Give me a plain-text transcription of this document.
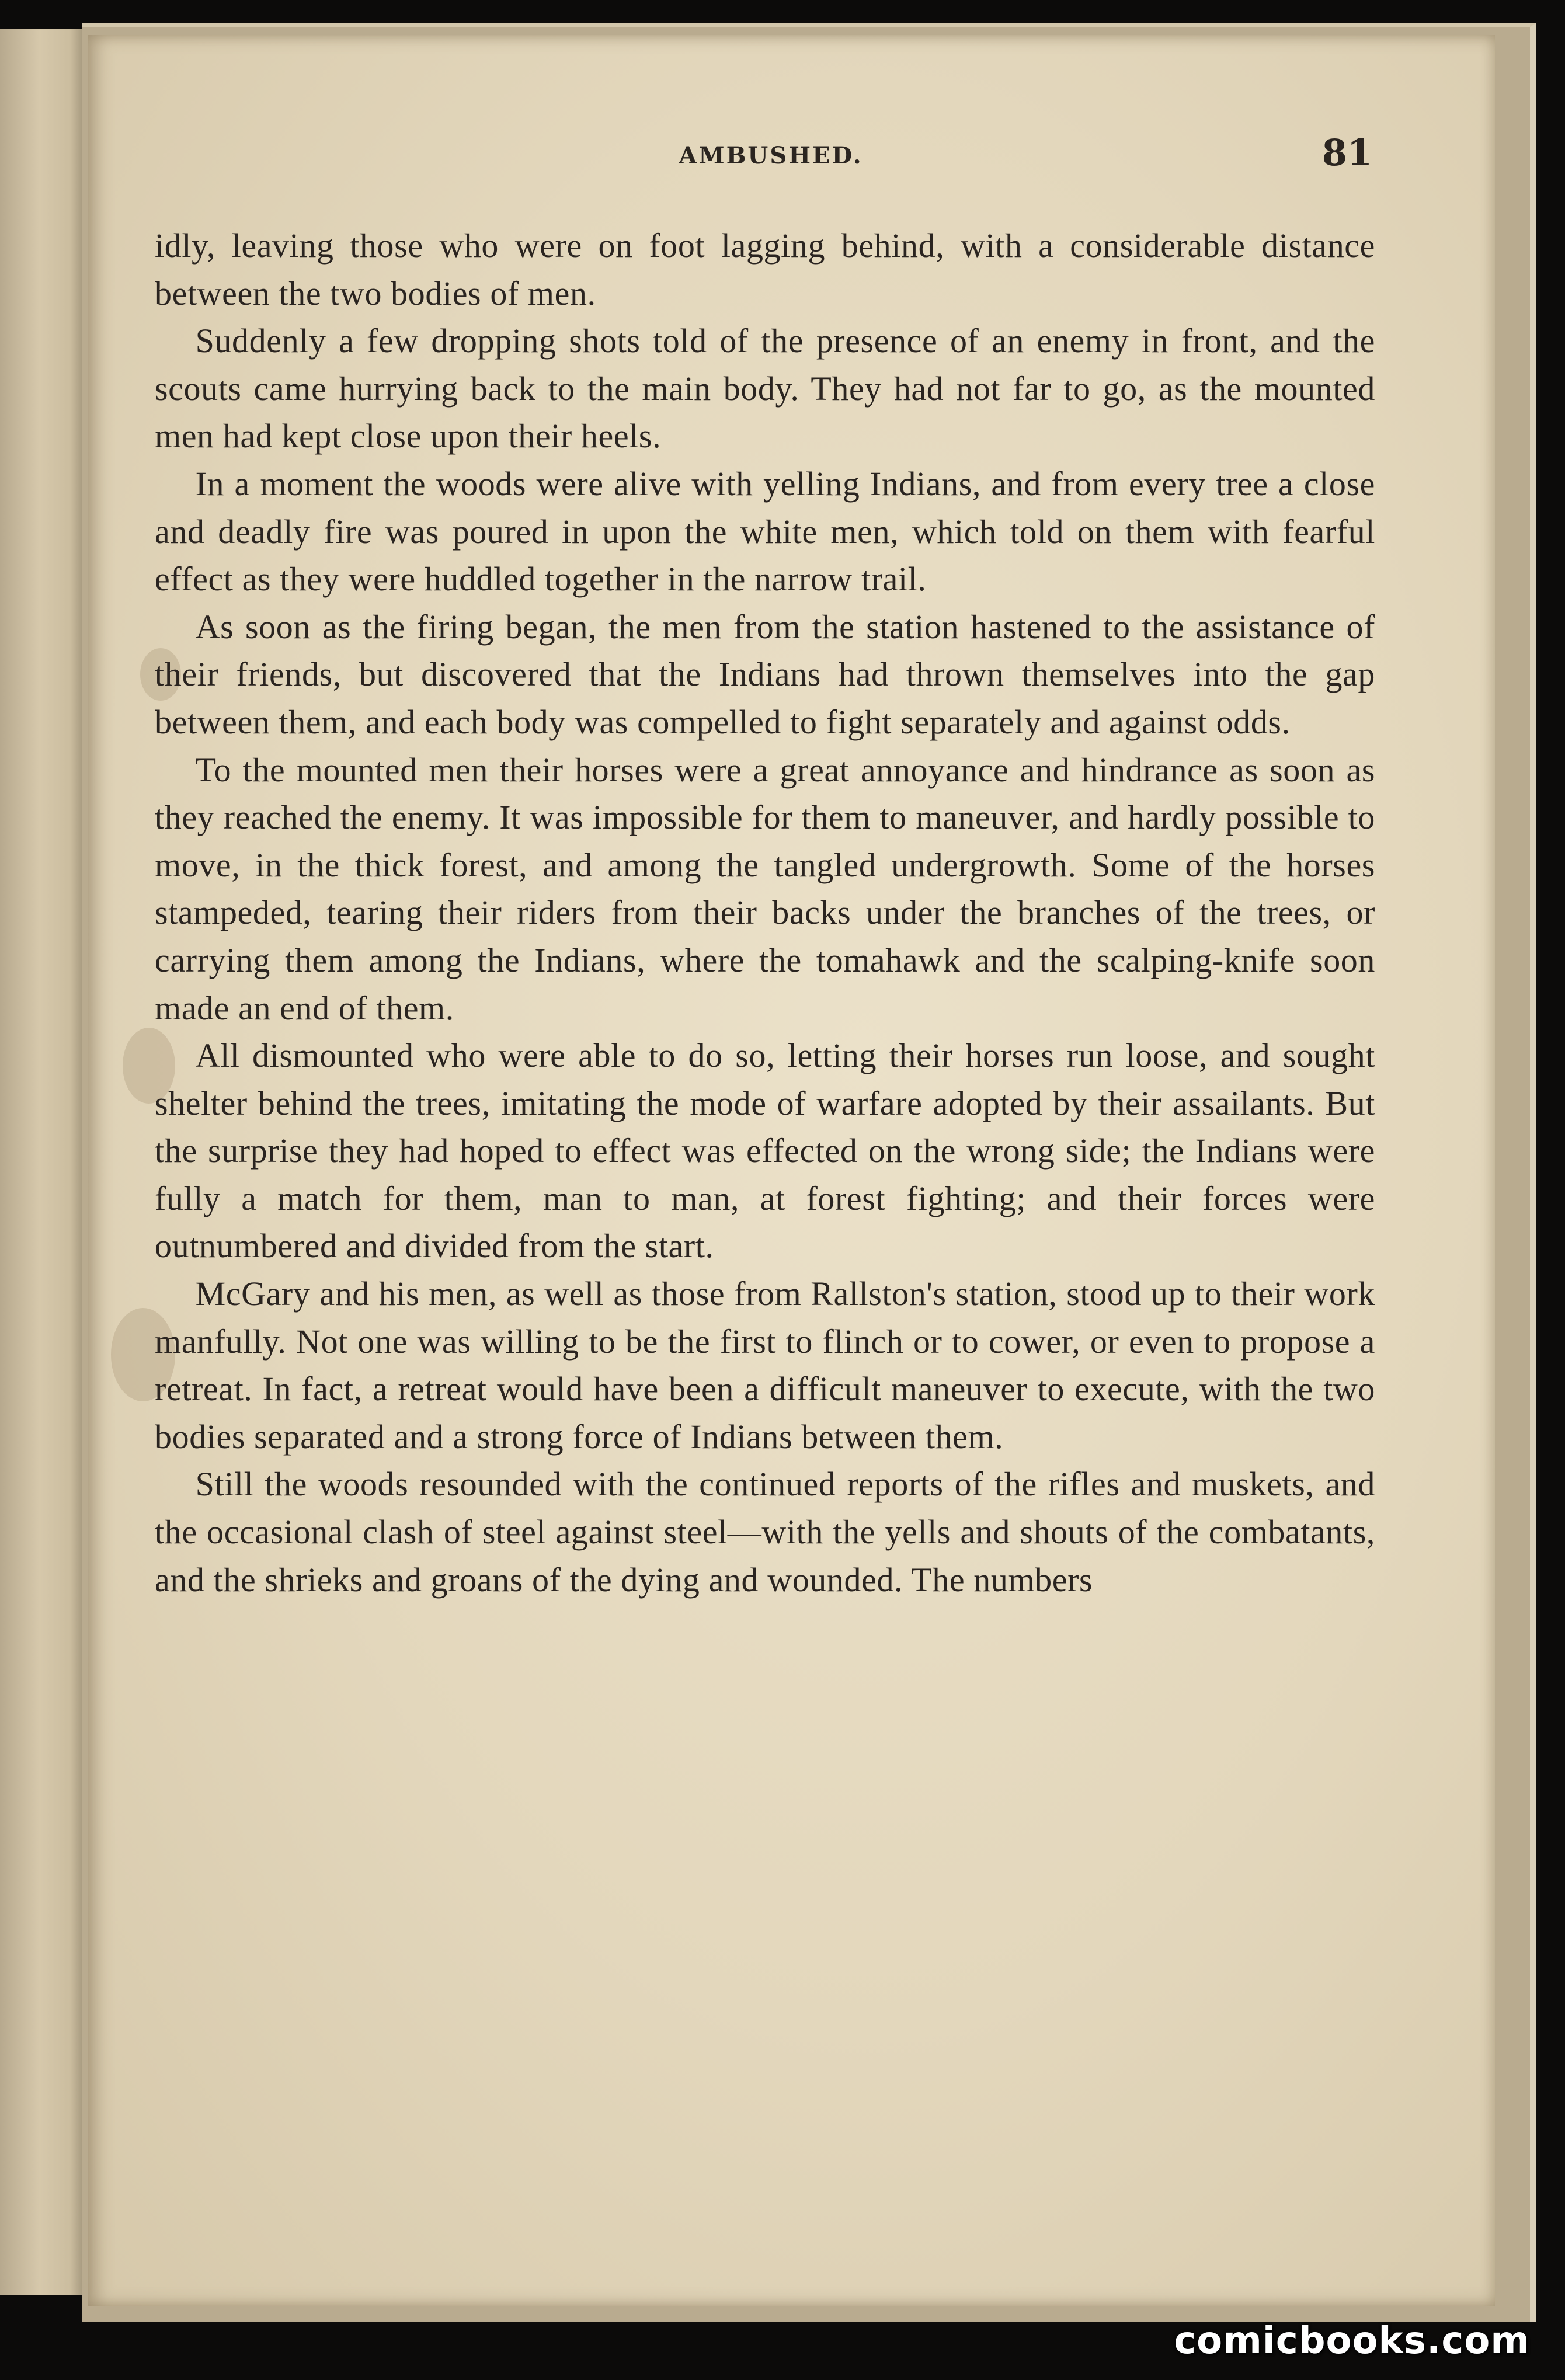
AMBUSHED.	81

idly, leaving those who were on foot lagging behind, with a considerable distance between the two bodies of men.

Suddenly a few dropping shots told of the presence of an enemy in front, and the scouts came hurrying back to the main body. They had not far to go, as the mounted men had kept close upon their heels.

In a moment the woods were alive with yelling Indians, and from every tree a close and deadly fire was poured in upon the white men, which told on them with fearful effect as they were huddled together in the narrow trail.

As soon as the firing began, the men from the station hastened to the assistance of their friends, but discovered that the Indians had thrown themselves into the gap between them, and each body was compelled to fight separately and against odds.

To the mounted men their horses were a great annoyance and hindrance as soon as they reached the enemy. It was impossible for them to maneuver, and hardly possible to move, in the thick forest, and among the tangled undergrowth. Some of the horses stampeded, tearing their riders from their backs under the branches of the trees, or carrying them among the Indians, where the tomahawk and the scalping-knife soon made an end of them.

All dismounted who were able to do so, letting their horses run loose, and sought shelter behind the trees, imitating the mode of warfare adopted by their assailants. But the surprise they had hoped to effect was effected on the wrong side; the Indians were fully a match for them, man to man, at forest fighting; and their forces were outnumbered and divided from the start.

McGary and his men, as well as those from Rallston's station, stood up to their work manfully. Not one was willing to be the first to flinch or to cower, or even to propose a retreat. In fact, a retreat would have been a difficult maneuver to execute, with the two bodies separated and a strong force of Indians between them.

Still the woods resounded with the continued reports of the rifles and muskets, and the occasional clash of steel against steel—with the yells and shouts of the combatants, and the shrieks and groans of the dying and wounded. The numbers

comicbooks.com
